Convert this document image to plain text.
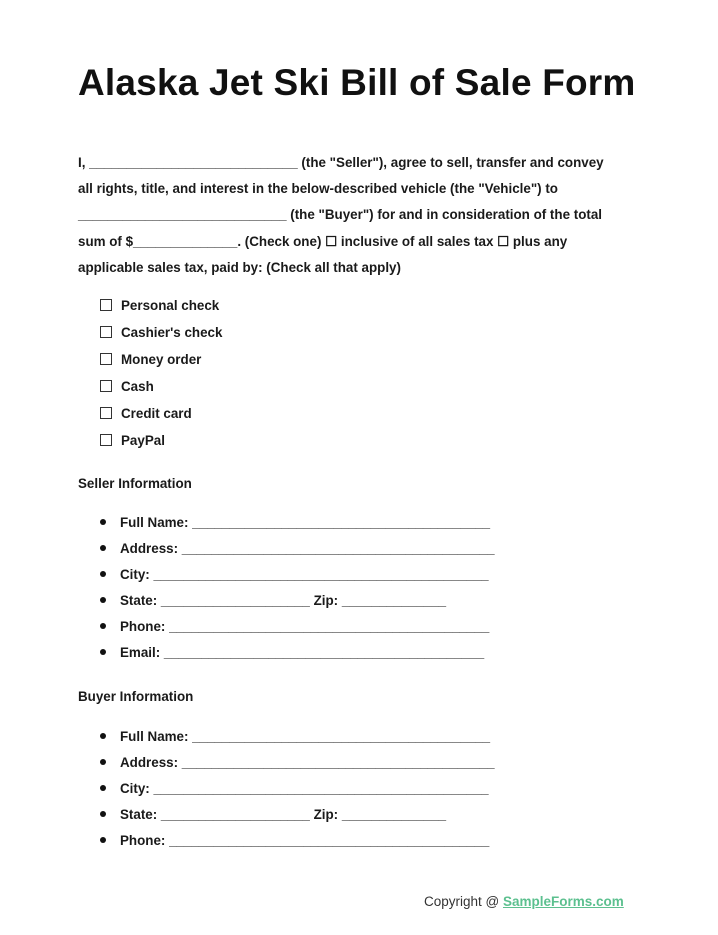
Alaska Jet Ski Bill of Sale Form
I, ____________________________ (the "Seller"), agree to sell, transfer and convey
all rights, title, and interest in the below-described vehicle (the "Vehicle") to
____________________________ (the "Buyer") for and in consideration of the total
sum of $______________. (Check one) ☐ inclusive of all sales tax ☐ plus any
applicable sales tax, paid by: (Check all that apply)
Personal check
Cashier's check
Money order
Cash
Credit card
PayPal
Seller Information
Full Name: ________________________________________
Address: __________________________________________
City: _____________________________________________
State: ____________________ Zip: ______________
Phone: ___________________________________________
Email: ___________________________________________
Buyer Information
Full Name: ________________________________________
Address: __________________________________________
City: _____________________________________________
State: ____________________ Zip: ______________
Phone: ___________________________________________
Copyright @ SampleForms.com
